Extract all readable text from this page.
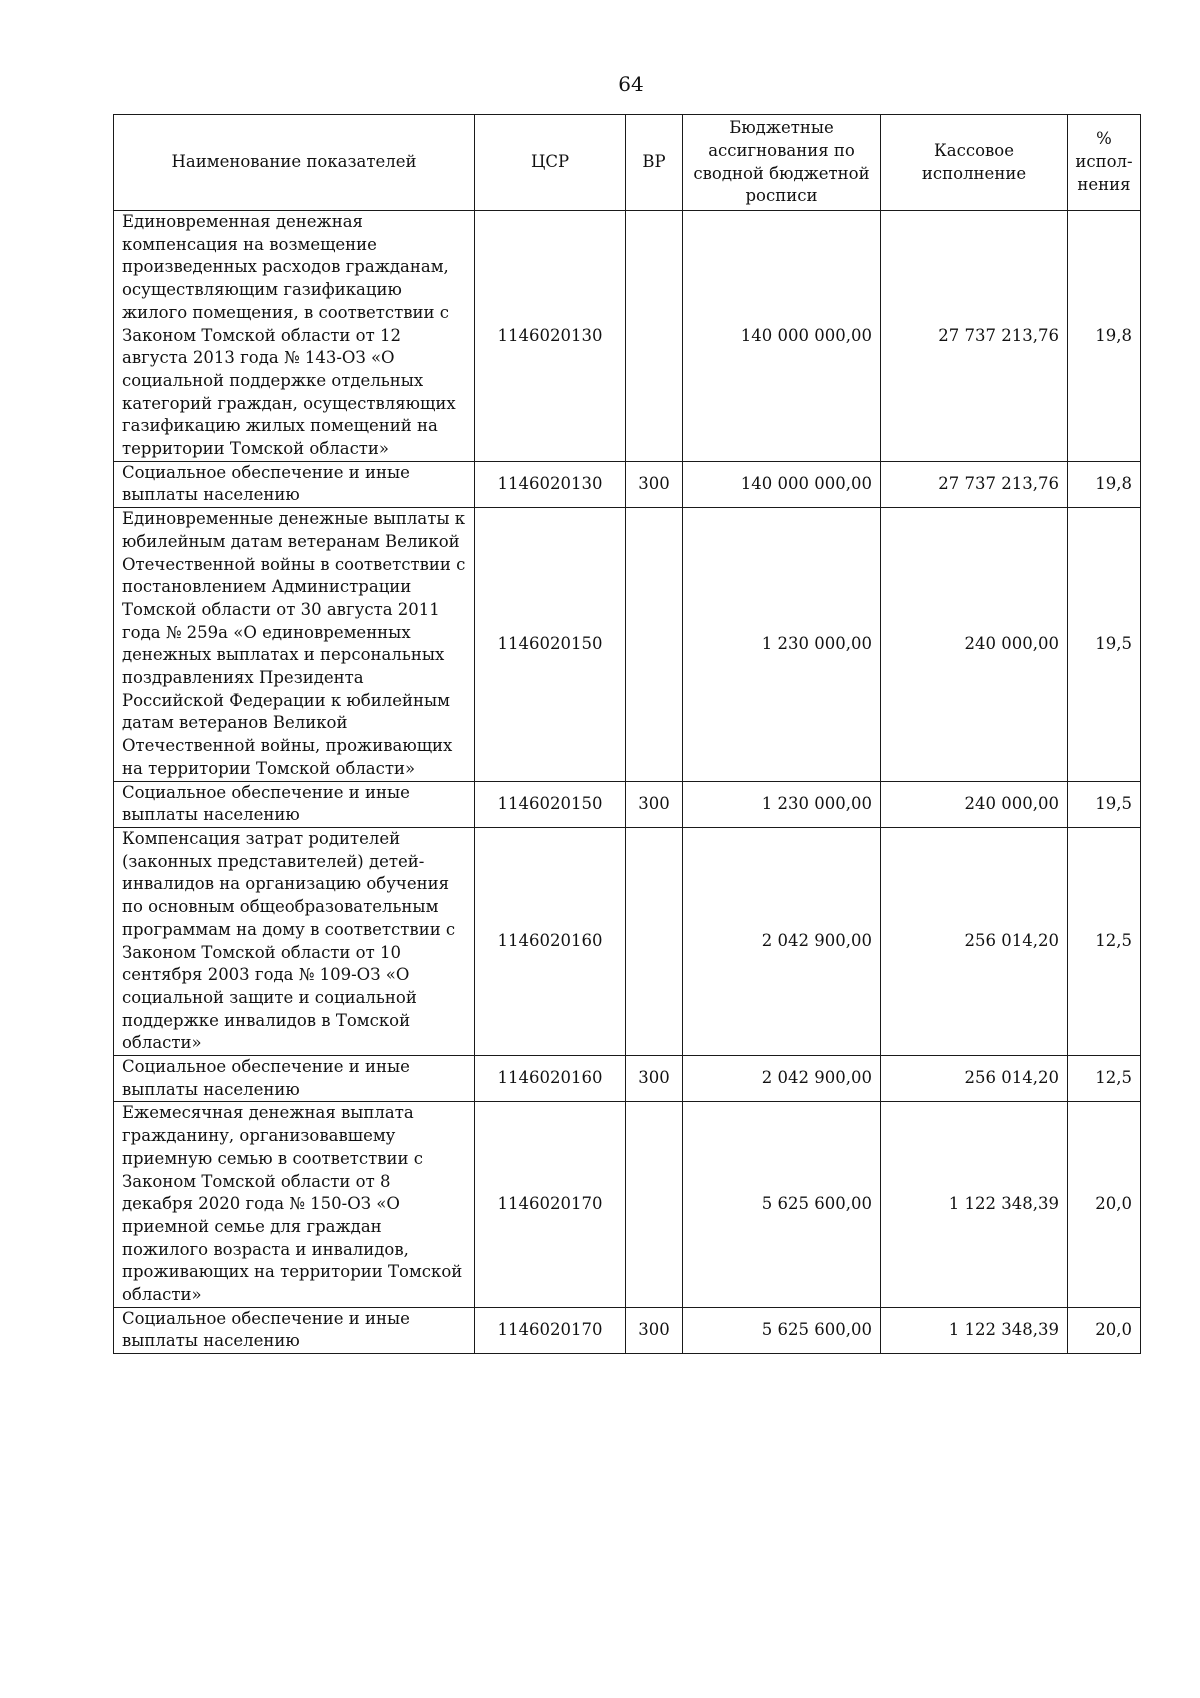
64
Наименование показателей	ЦСР	ВР	Бюджетные ассигнования по сводной бюджетной росписи	Кассовое исполнение	% испол-нения
Единовременная денежная компенсация на возмещение произведенных расходов гражданам, осуществляющим газификацию жилого помещения, в соответствии с Законом Томской области от 12 августа 2013 года № 143-ОЗ «О социальной поддержке отдельных категорий граждан, осуществляющих газификацию жилых помещений на территории Томской области»	1146020130		140 000 000,00	27 737 213,76	19,8
Социальное обеспечение и иные выплаты населению	1146020130	300	140 000 000,00	27 737 213,76	19,8
Единовременные денежные выплаты к юбилейным датам ветеранам Великой Отечественной войны в соответствии с постановлением Администрации Томской области от 30 августа 2011 года № 259а «О единовременных денежных выплатах и персональных поздравлениях Президента Российской Федерации к юбилейным датам ветеранов Великой Отечественной войны, проживающих на территории Томской области»	1146020150		1 230 000,00	240 000,00	19,5
Социальное обеспечение и иные выплаты населению	1146020150	300	1 230 000,00	240 000,00	19,5
Компенсация затрат родителей (законных представителей) детей-инвалидов на организацию обучения по основным общеобразовательным программам на дому в соответствии с Законом Томской области от 10 сентября 2003 года № 109-ОЗ «О социальной защите и социальной поддержке инвалидов в Томской области»	1146020160		2 042 900,00	256 014,20	12,5
Социальное обеспечение и иные выплаты населению	1146020160	300	2 042 900,00	256 014,20	12,5
Ежемесячная денежная выплата гражданину, организовавшему приемную семью в соответствии с Законом Томской области от 8 декабря 2020 года № 150-ОЗ «О приемной семье для граждан пожилого возраста и инвалидов, проживающих на территории Томской области»	1146020170		5 625 600,00	1 122 348,39	20,0
Социальное обеспечение и иные выплаты населению	1146020170	300	5 625 600,00	1 122 348,39	20,0
